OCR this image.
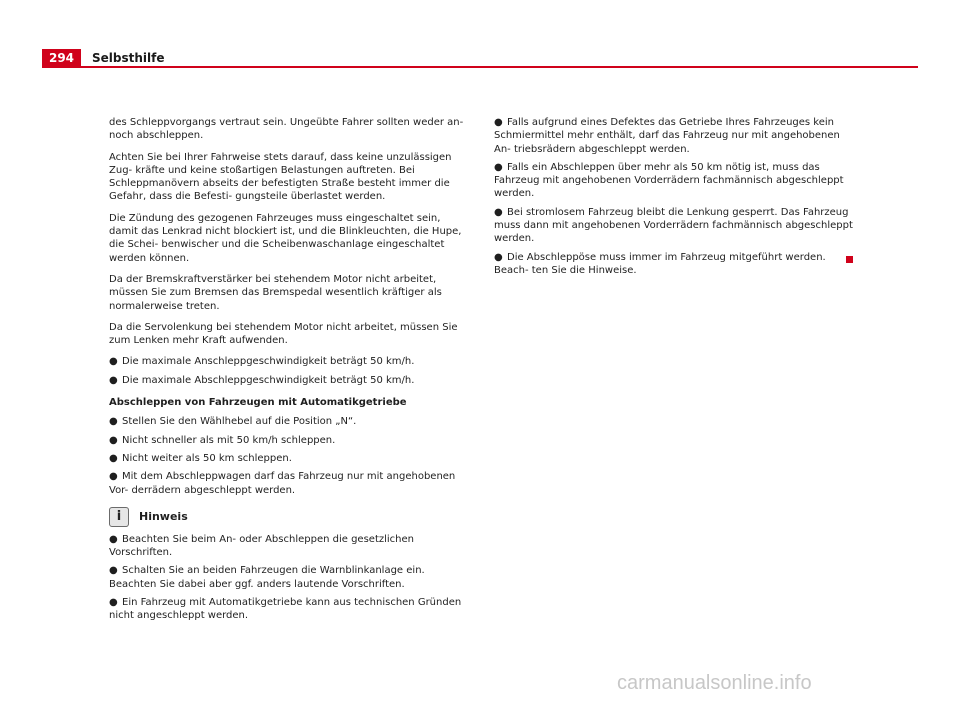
294	Selbsthilfe

des Schleppvorgangs vertraut sein. Ungeübte Fahrer sollten weder an- noch abschleppen.

Achten Sie bei Ihrer Fahrweise stets darauf, dass keine unzulässigen Zug- kräfte und keine stoßartigen Belastungen auftreten. Bei Schleppmanövern abseits der befestigten Straße besteht immer die Gefahr, dass die Befesti- gungsteile überlastet werden.

Die Zündung des gezogenen Fahrzeuges muss eingeschaltet sein, damit das Lenkrad nicht blockiert ist, und die Blinkleuchten, die Hupe, die Schei- benwischer und die Scheibenwaschanlage eingeschaltet werden können.

Da der Bremskraftverstärker bei stehendem Motor nicht arbeitet, müssen Sie zum Bremsen das Bremspedal wesentlich kräftiger als normalerweise treten.

Da die Servolenkung bei stehendem Motor nicht arbeitet, müssen Sie zum Lenken mehr Kraft aufwenden.

● Die maximale Anschleppgeschwindigkeit beträgt 50 km/h.
● Die maximale Abschleppgeschwindigkeit beträgt 50 km/h.
Abschleppen von Fahrzeugen mit Automatikgetriebe
● Stellen Sie den Wählhebel auf die Position „N“.
● Nicht schneller als mit 50 km/h schleppen.
● Nicht weiter als 50 km schleppen.
● Mit dem Abschleppwagen darf das Fahrzeug nur mit angehobenen Vor- derrädern abgeschleppt werden.
i	Hinweis
● Beachten Sie beim An- oder Abschleppen die gesetzlichen Vorschriften.
● Schalten Sie an beiden Fahrzeugen die Warnblinkanlage ein. Beachten Sie dabei aber ggf. anders lautende Vorschriften.
● Ein Fahrzeug mit Automatikgetriebe kann aus technischen Gründen nicht angeschleppt werden.
● Falls aufgrund eines Defektes das Getriebe Ihres Fahrzeuges kein Schmiermittel mehr enthält, darf das Fahrzeug nur mit angehobenen An- triebsrädern abgeschleppt werden.
● Falls ein Abschleppen über mehr als 50 km nötig ist, muss das Fahrzeug mit angehobenen Vorderrädern fachmännisch abgeschleppt werden.
● Bei stromlosem Fahrzeug bleibt die Lenkung gesperrt. Das Fahrzeug muss dann mit angehobenen Vorderrädern fachmännisch abgeschleppt werden.
● Die Abschleppöse muss immer im Fahrzeug mitgeführt werden. Beach- ten Sie die Hinweise.
carmanualsonline.info
